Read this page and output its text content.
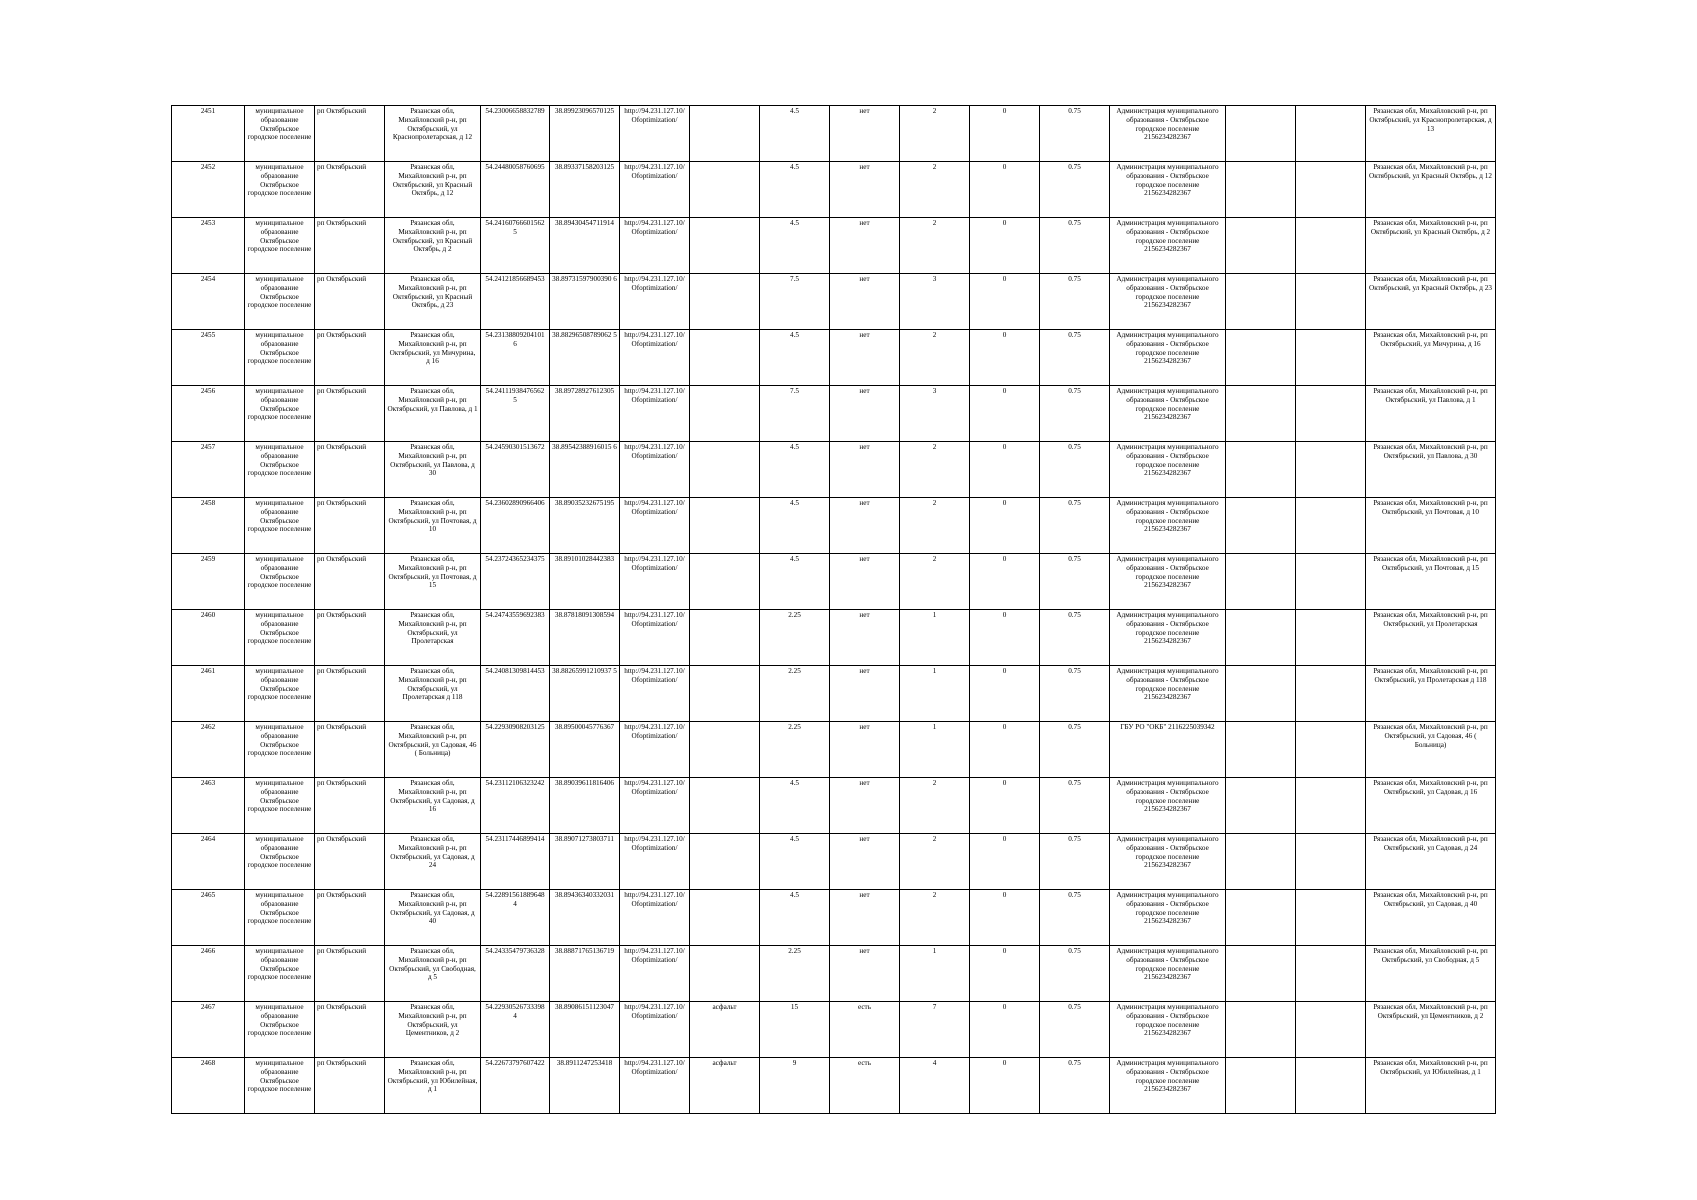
2451	муниципальное образование Октябрьское городское поселение	рп Октябрьский	Рязанская обл, Михайловский р-н, рп Октябрьский, ул Краснопролетарская, д 12	54.23006658832789	38.89923096570125	http://94.231.127.10/Ofoptimization/		4.5	нет	2	0	0.75	Администрация муниципального образования - Октябрьское городское поселение 2156234282367			Рязанская обл, Михайловский р-н, рп Октябрьский, ул Краснопролетарская, д 13
2452	муниципальное образование Октябрьское городское поселение	рп Октябрьский	Рязанская обл, Михайловский р-н, рп Октябрьский, ул Красный Октябрь, д 12	54.24480058760695	38.89337158203125	http://94.231.127.10/Ofoptimization/		4.5	нет	2	0	0.75	Администрация муниципального образования - Октябрьское городское поселение 2156234282367			Рязанская обл, Михайловский р-н, рп Октябрьский, ул Красный Октябрь, д 12
2453	муниципальное образование Октябрьское городское поселение	рп Октябрьский	Рязанская обл, Михайловский р-н, рп Октябрьский, ул Красный Октябрь, д 2	54.24160766601562 5	38.89430454711914	http://94.231.127.10/Ofoptimization/		4.5	нет	2	0	0.75	Администрация муниципального образования - Октябрьское городское поселение 2156234282367			Рязанская обл, Михайловский р-н, рп Октябрьский, ул Красный Октябрь, д 2
2454	муниципальное образование Октябрьское городское поселение	рп Октябрьский	Рязанская обл, Михайловский р-н, рп Октябрьский, ул Красный Октябрь, д 23	54.24121856689453	38.89731597900390 6	http://94.231.127.10/Ofoptimization/		7.5	нет	3	0	0.75	Администрация муниципального образования - Октябрьское городское поселение 2156234282367			Рязанская обл, Михайловский р-н, рп Октябрьский, ул Красный Октябрь, д 23
2455	муниципальное образование Октябрьское городское поселение	рп Октябрьский	Рязанская обл, Михайловский р-н, рп Октябрьский, ул Мичурина, д 16	54.23138809204101 6	38.88296508789062 5	http://94.231.127.10/Ofoptimization/		4.5	нет	2	0	0.75	Администрация муниципального образования - Октябрьское городское поселение 2156234282367			Рязанская обл, Михайловский р-н, рп Октябрьский, ул Мичурина, д 16
2456	муниципальное образование Октябрьское городское поселение	рп Октябрьский	Рязанская обл, Михайловский р-н, рп Октябрьский, ул Павлова, д 1	54.24111938476562 5	38.89728927612305	http://94.231.127.10/Ofoptimization/		7.5	нет	3	0	0.75	Администрация муниципального образования - Октябрьское городское поселение 2156234282367			Рязанская обл, Михайловский р-н, рп Октябрьский, ул Павлова, д 1
2457	муниципальное образование Октябрьское городское поселение	рп Октябрьский	Рязанская обл, Михайловский р-н, рп Октябрьский, ул Павлова, д 30	54.24590301513672	38.89542388916015 6	http://94.231.127.10/Ofoptimization/		4.5	нет	2	0	0.75	Администрация муниципального образования - Октябрьское городское поселение 2156234282367			Рязанская обл, Михайловский р-н, рп Октябрьский, ул Павлова, д 30
2458	муниципальное образование Октябрьское городское поселение	рп Октябрьский	Рязанская обл, Михайловский р-н, рп Октябрьский, ул Почтовая, д 10	54.23602890966406	38.89035232675195	http://94.231.127.10/Ofoptimization/		4.5	нет	2	0	0.75	Администрация муниципального образования - Октябрьское городское поселение 2156234282367			Рязанская обл, Михайловский р-н, рп Октябрьский, ул Почтовая, д 10
2459	муниципальное образование Октябрьское городское поселение	рп Октябрьский	Рязанская обл, Михайловский р-н, рп Октябрьский, ул Почтовая, д 15	54.23724365234375	38.89101028442383	http://94.231.127.10/Ofoptimization/		4.5	нет	2	0	0.75	Администрация муниципального образования - Октябрьское городское поселение 2156234282367			Рязанская обл, Михайловский р-н, рп Октябрьский, ул Почтовая, д 15
2460	муниципальное образование Октябрьское городское поселение	рп Октябрьский	Рязанская обл, Михайловский р-н, рп Октябрьский, ул Пролетарская	54.24743559692383	38.87818091308594	http://94.231.127.10/Ofoptimization/		2.25	нет	1	0	0.75	Администрация муниципального образования - Октябрьское городское поселение 2156234282367			Рязанская обл, Михайловский р-н, рп Октябрьский, ул Пролетарская
2461	муниципальное образование Октябрьское городское поселение	рп Октябрьский	Рязанская обл, Михайловский р-н, рп Октябрьский, ул Пролетарская д 118	54.24081309814453	38.88265991210937 5	http://94.231.127.10/Ofoptimization/		2.25	нет	1	0	0.75	Администрация муниципального образования - Октябрьское городское поселение 2156234282367			Рязанская обл, Михайловский р-н, рп Октябрьский, ул Пролетарская д 118
2462	муниципальное образование Октябрьское городское поселение	рп Октябрьский	Рязанская обл, Михайловский р-н, рп Октябрьский, ул Садовая, 46 ( Больница)	54.22930908203125	38.89500045776367	http://94.231.127.10/Ofoptimization/		2.25	нет	1	0	0.75	ГБУ РО "ОКБ" 2116225039342			Рязанская обл, Михайловский р-н, рп Октябрьский, ул Садовая, 46 ( Больница)
2463	муниципальное образование Октябрьское городское поселение	рп Октябрьский	Рязанская обл, Михайловский р-н, рп Октябрьский, ул Садовая, д 16	54.23112106323242	38.89039611816406	http://94.231.127.10/Ofoptimization/		4.5	нет	2	0	0.75	Администрация муниципального образования - Октябрьское городское поселение 2156234282367			Рязанская обл, Михайловский р-н, рп Октябрьский, ул Садовая, д 16
2464	муниципальное образование Октябрьское городское поселение	рп Октябрьский	Рязанская обл, Михайловский р-н, рп Октябрьский, ул Садовая, д 24	54.23117446899414	38.89071273803711	http://94.231.127.10/Ofoptimization/		4.5	нет	2	0	0.75	Администрация муниципального образования - Октябрьское городское поселение 2156234282367			Рязанская обл, Михайловский р-н, рп Октябрьский, ул Садовая, д 24
2465	муниципальное образование Октябрьское городское поселение	рп Октябрьский	Рязанская обл, Михайловский р-н, рп Октябрьский, ул Садовая, д 40	54.22891561889648 4	38.89436340332031	http://94.231.127.10/Ofoptimization/		4.5	нет	2	0	0.75	Администрация муниципального образования - Октябрьское городское поселение 2156234282367			Рязанская обл, Михайловский р-н, рп Октябрьский, ул Садовая, д 40
2466	муниципальное образование Октябрьское городское поселение	рп Октябрьский	Рязанская обл, Михайловский р-н, рп Октябрьский, ул Свободная, д 5	54.24335479736328	38.88871765136719	http://94.231.127.10/Ofoptimization/		2.25	нет	1	0	0.75	Администрация муниципального образования - Октябрьское городское поселение 2156234282367			Рязанская обл, Михайловский р-н, рп Октябрьский, ул Свободная, д 5
2467	муниципальное образование Октябрьское городское поселение	рп Октябрьский	Рязанская обл, Михайловский р-н, рп Октябрьский, ул Цементников, д 2	54.22930526733398 4	38.89086151123047	http://94.231.127.10/Ofoptimization/	асфальт	15	есть	7	0	0.75	Администрация муниципального образования - Октябрьское городское поселение 2156234282367			Рязанская обл, Михайловский р-н, рп Октябрьский, ул Цементников, д 2
2468	муниципальное образование Октябрьское городское поселение	рп Октябрьский	Рязанская обл, Михайловский р-н, рп Октябрьский, ул Юбилейная, д 1	54.22673797607422	38.8911247253418	http://94.231.127.10/Ofoptimization/	асфальт	9	есть	4	0	0.75	Администрация муниципального образования - Октябрьское городское поселение 2156234282367			Рязанская обл, Михайловский р-н, рп Октябрьский, ул Юбилейная, д 1
